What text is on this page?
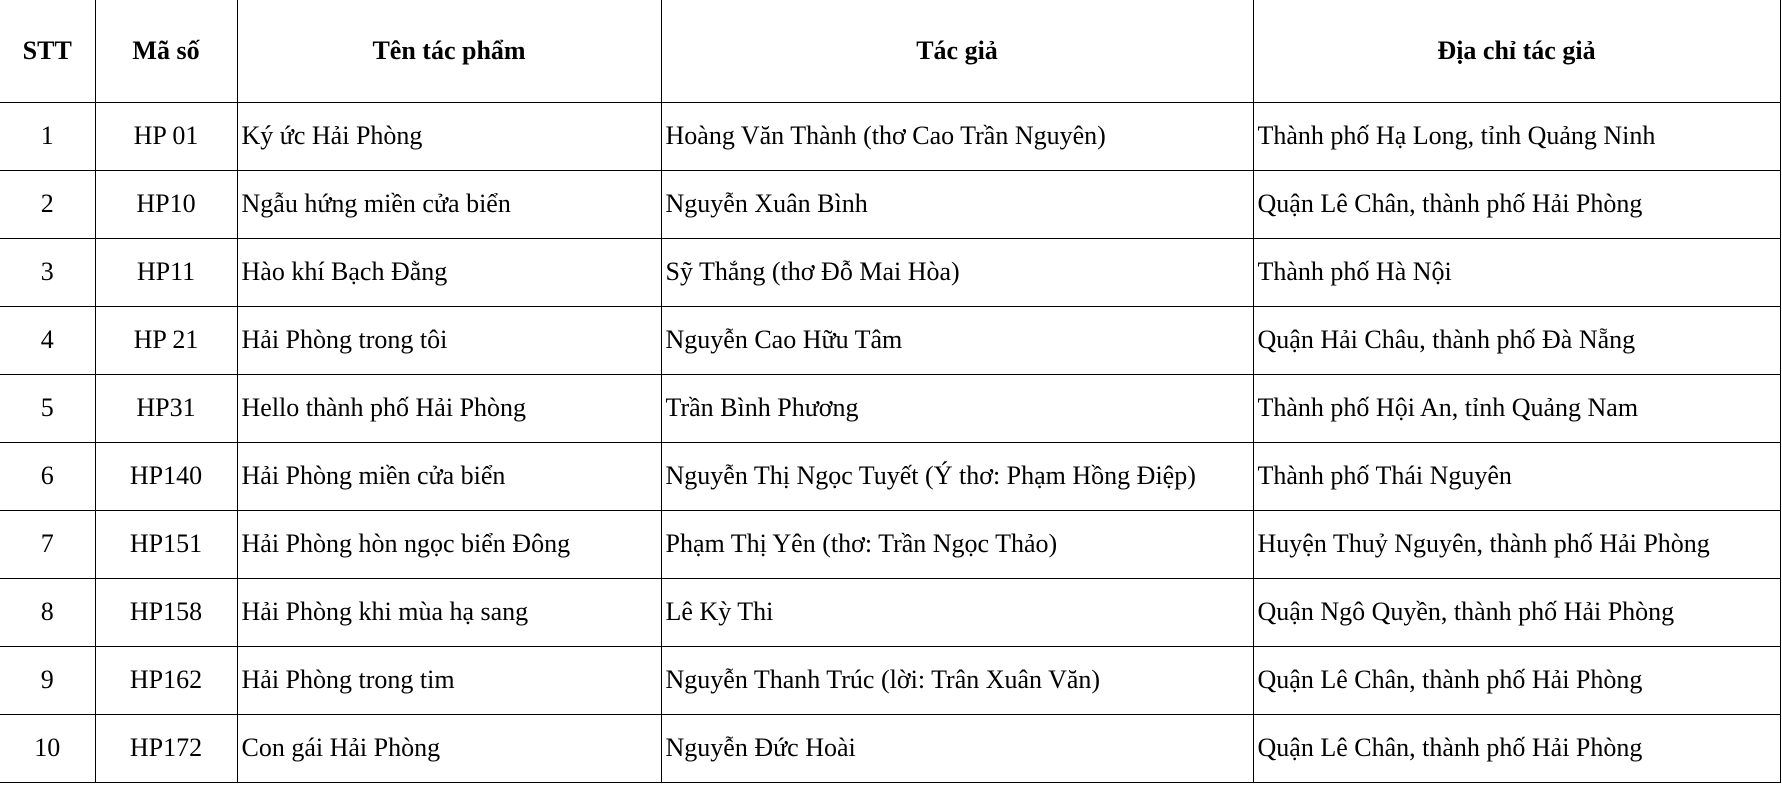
STT	Mã số	Tên tác phẩm	Tác giả	Địa chỉ tác giả
1	HP 01	Ký ức Hải Phòng	Hoàng Văn Thành (thơ Cao Trần Nguyên)	Thành phố Hạ Long, tỉnh Quảng Ninh
2	HP10	Ngẫu hứng miền cửa biển	Nguyễn Xuân Bình	Quận Lê Chân, thành phố Hải Phòng
3	HP11	Hào khí Bạch Đằng	Sỹ Thắng (thơ Đỗ Mai Hòa)	Thành phố Hà Nội
4	HP 21	Hải Phòng trong tôi	Nguyễn Cao Hữu Tâm	Quận Hải Châu, thành phố Đà Nẵng
5	HP31	Hello thành phố Hải Phòng	Trần Bình Phương	Thành phố Hội An, tỉnh Quảng Nam
6	HP140	Hải Phòng miền cửa biển	Nguyễn Thị Ngọc Tuyết (Ý thơ: Phạm Hồng Điệp)	Thành phố Thái Nguyên
7	HP151	Hải Phòng hòn ngọc biển Đông	Phạm Thị Yên (thơ: Trần Ngọc Thảo)	Huyện Thuỷ Nguyên, thành phố Hải Phòng
8	HP158	Hải Phòng khi mùa hạ sang	Lê Kỳ Thi	Quận Ngô Quyền, thành phố Hải Phòng
9	HP162	Hải Phòng trong tim	Nguyễn Thanh Trúc (lời: Trân Xuân Văn)	Quận Lê Chân, thành phố Hải Phòng
10	HP172	Con gái Hải Phòng	Nguyễn Đức Hoài	Quận Lê Chân, thành phố Hải Phòng
